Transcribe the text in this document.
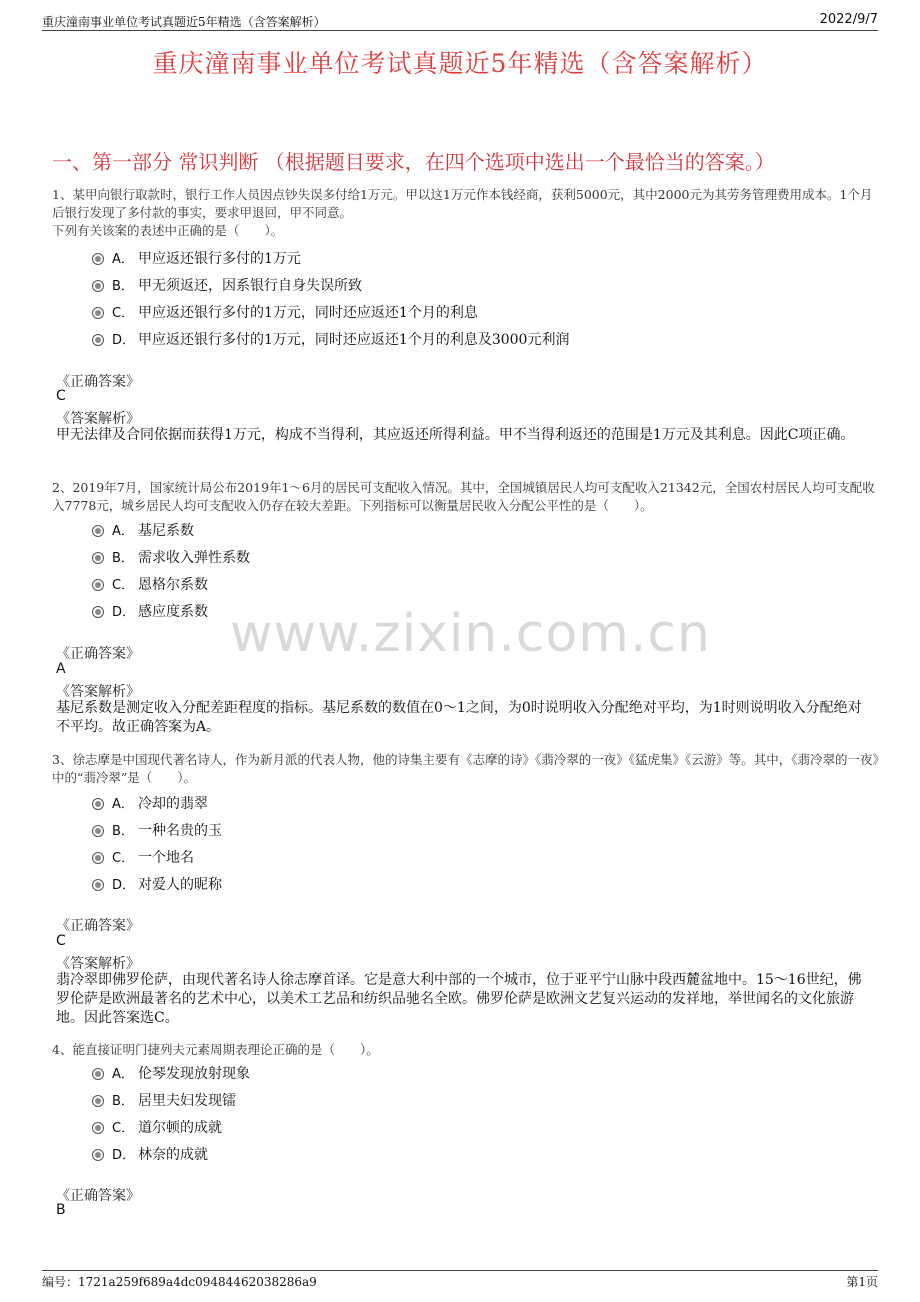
重庆潼南事业单位考试真题近5年精选（含答案解析）	2022/9/7
重庆潼南事业单位考试真题近5年精选（含答案解析）
一、第一部分 常识判断 （根据题目要求，在四个选项中选出一个最恰当的答案。）
www.zixin.com.cn
1、某甲向银行取款时，银行工作人员因点钞失误多付给1万元。甲以这1万元作本钱经商，获利5000元，其中2000元为其劳务管理费用成本。1个月后银行发现了多付款的事实，要求甲退回，甲不同意。
下列有关该案的表述中正确的是（　　）。
A． 甲应返还银行多付的1万元
B． 甲无须返还，因系银行自身失误所致
C． 甲应返还银行多付的1万元，同时还应返还1个月的利息
D． 甲应返还银行多付的1万元，同时还应返还1个月的利息及3000元利润
《正确答案》
C
《答案解析》
甲无法律及合同依据而获得1万元，构成不当得利，其应返还所得利益。甲不当得利返还的范围是1万元及其利息。因此C项正确。
2、2019年7月，国家统计局公布2019年1～6月的居民可支配收入情况。其中，全国城镇居民人均可支配收入21342元，全国农村居民人均可支配收入7778元，城乡居民人均可支配收入仍存在较大差距。下列指标可以衡量居民收入分配公平性的是（　　）。
A． 基尼系数
B． 需求收入弹性系数
C． 恩格尔系数
D． 感应度系数
《正确答案》
A
《答案解析》
基尼系数是测定收入分配差距程度的指标。基尼系数的数值在0～1之间，为0时说明收入分配绝对平均，为1时则说明收入分配绝对不平均。故正确答案为A。
3、徐志摩是中国现代著名诗人，作为新月派的代表人物，他的诗集主要有《志摩的诗》《翡冷翠的一夜》《猛虎集》《云游》等。其中，《翡冷翠的一夜》中的“翡冷翠”是（　　）。
A． 冷却的翡翠
B． 一种名贵的玉
C． 一个地名
D． 对爱人的昵称
《正确答案》
C
《答案解析》
翡冷翠即佛罗伦萨，由现代著名诗人徐志摩首译。它是意大利中部的一个城市，位于亚平宁山脉中段西麓盆地中。15～16世纪，佛罗伦萨是欧洲最著名的艺术中心，以美术工艺品和纺织品驰名全欧。佛罗伦萨是欧洲文艺复兴运动的发祥地，举世闻名的文化旅游地。因此答案选C。
4、能直接证明门捷列夫元素周期表理论正确的是（　　）。
A． 伦琴发现放射现象
B． 居里夫妇发现镭
C． 道尔顿的成就
D． 林奈的成就
《正确答案》
B
编号：1721a259f689a4dc09484462038286a9	第1页
